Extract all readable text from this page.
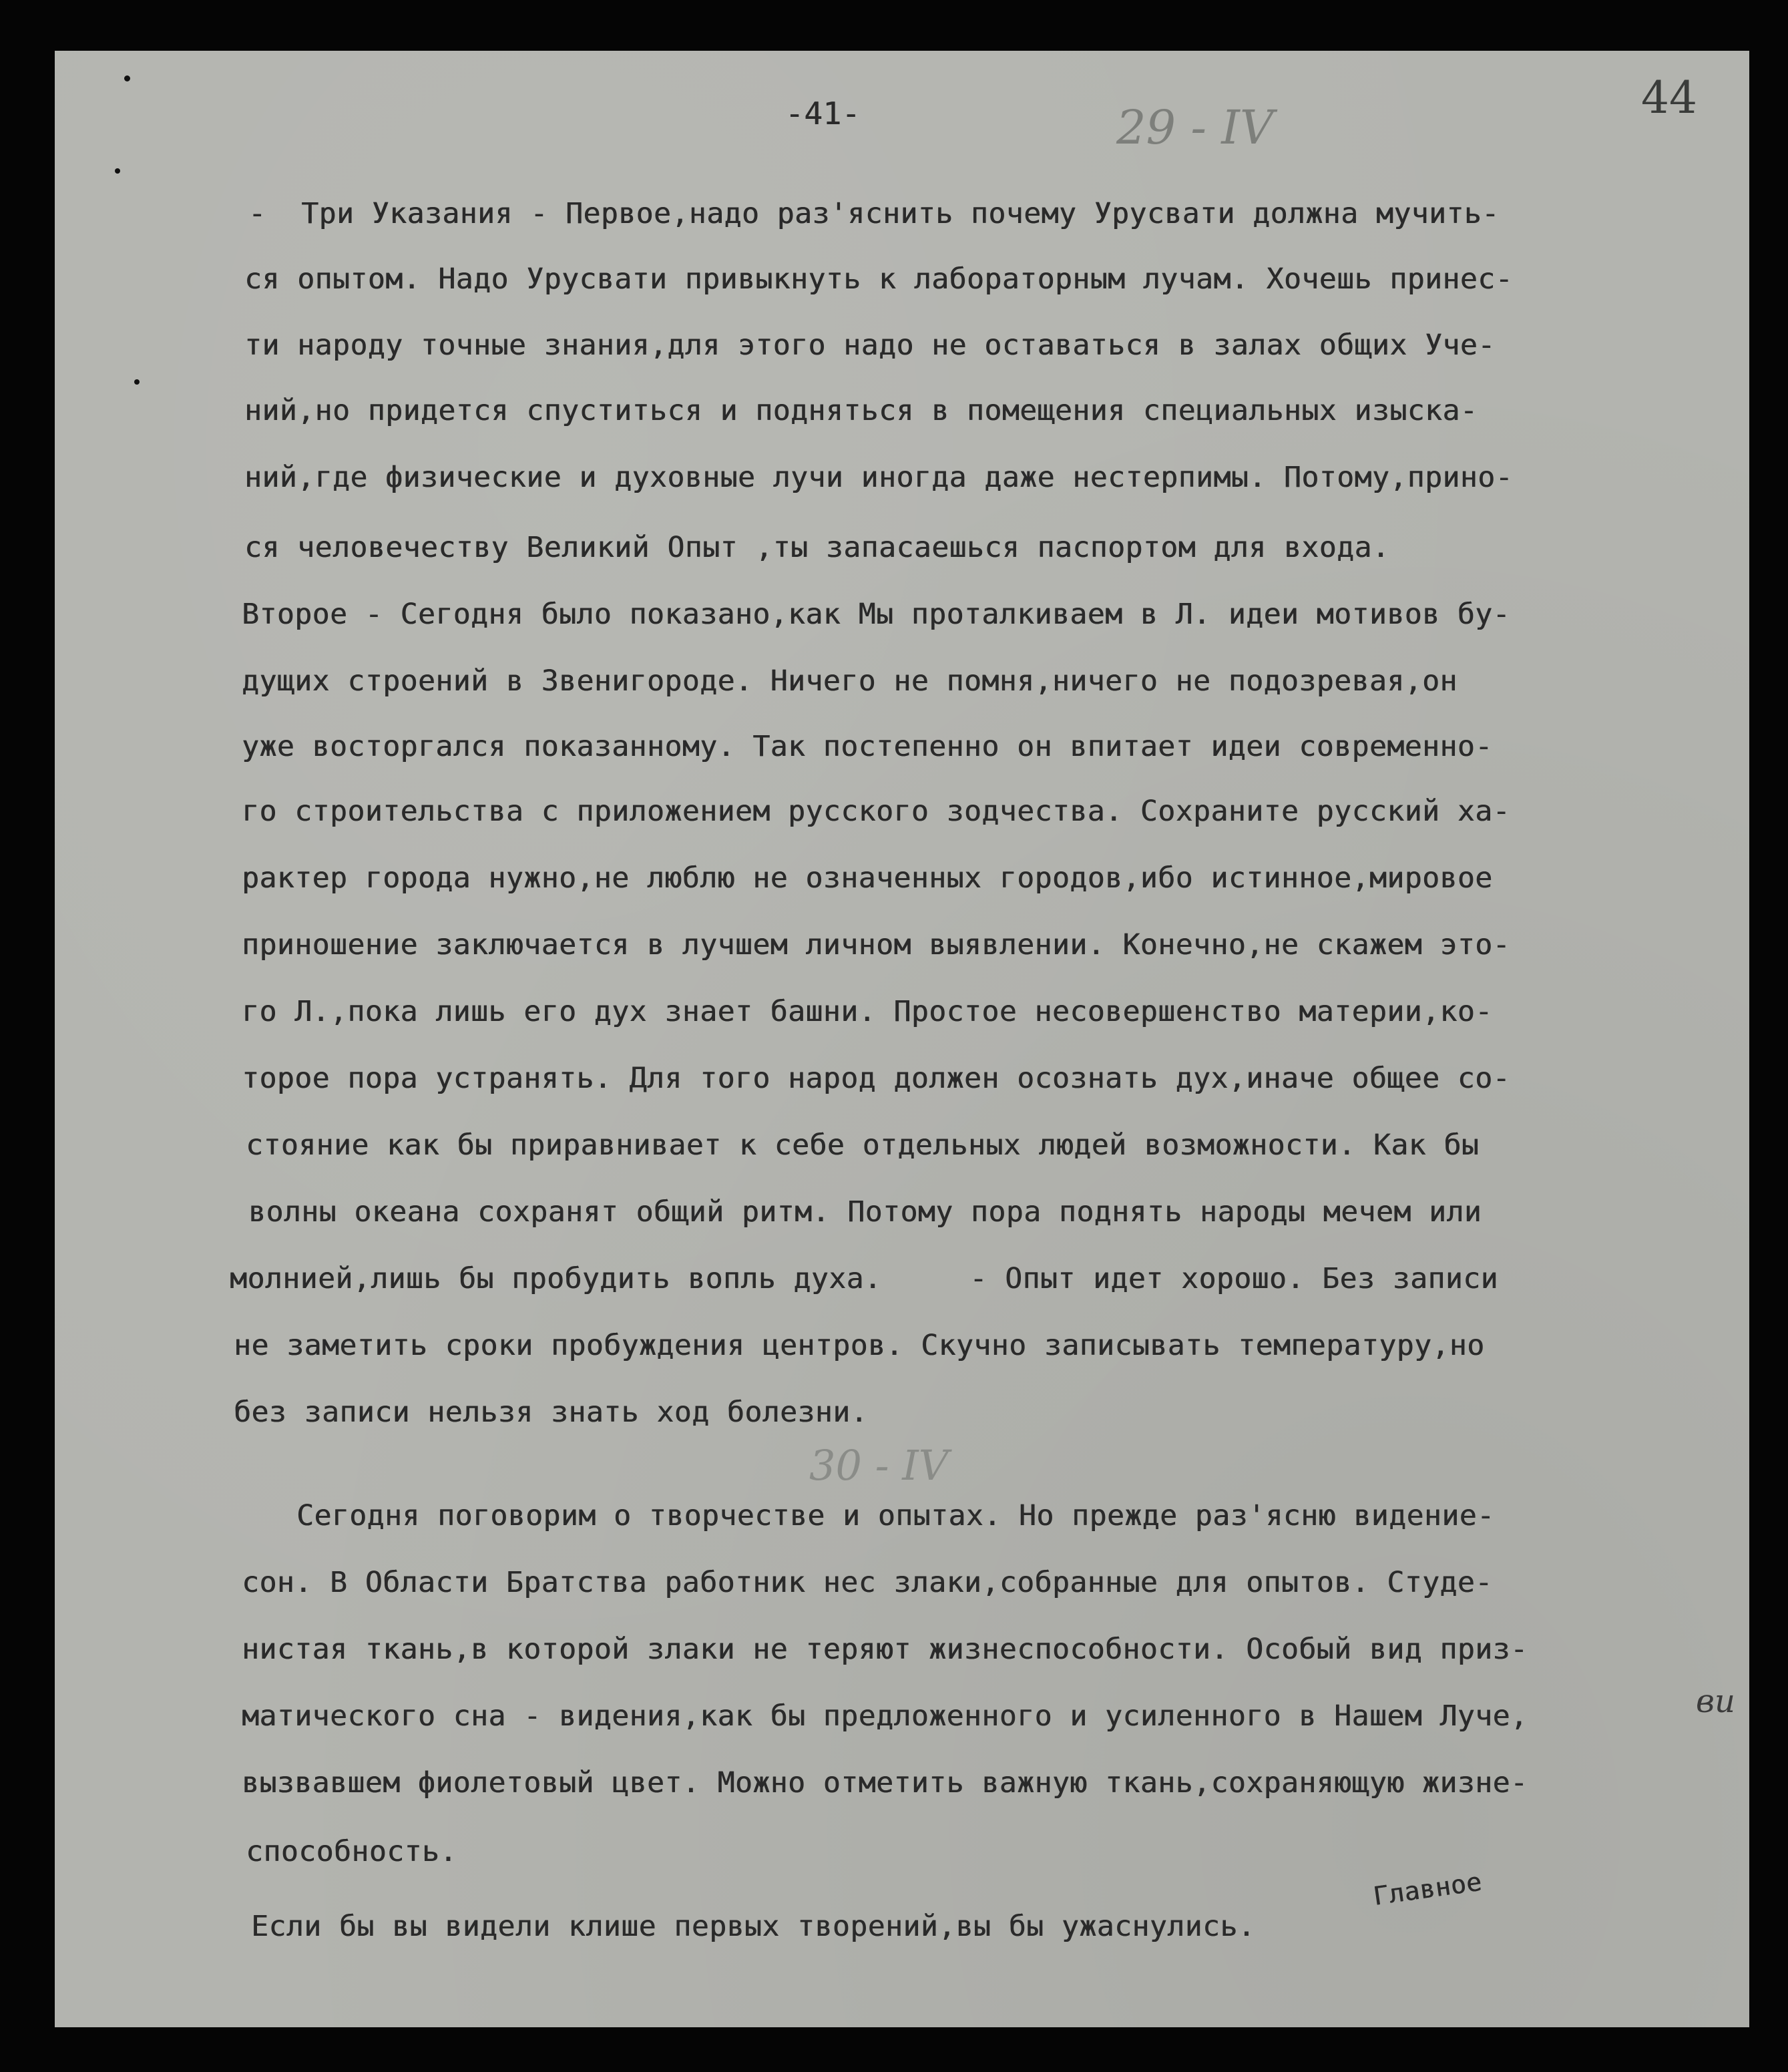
-41-	29 - IV
44
-  Три Указания - Первое,надо раз'яснить почему Урусвати должна мучить-
ся опытом. Надо Урусвати привыкнуть к лабораторным лучам. Хочешь принес-
ти народу точные знания,для этого надо не оставаться в залах общих Уче-
ний,но придется спуститься и подняться в помещения специальных изыска-
ний,где физические и духовные лучи иногда даже нестерпимы. Потому,прино-
ся человечеству Великий Опыт ,ты запасаешься паспортом для входа.
Второе - Сегодня было показано,как Мы проталкиваем в Л. идеи мотивов бу-
дущих строений в Звенигороде. Ничего не помня,ничего не подозревая,он
уже восторгался показанному. Так постепенно он впитает идеи современно-
го строительства с приложением русского зодчества. Сохраните русский ха-
рактер города нужно,не люблю не означенных городов,ибо истинное,мировое
приношение заключается в лучшем личном выявлении. Конечно,не скажем это-
го Л.,пока лишь его дух знает башни. Простое несовершенство материи,ко-
торое пора устранять. Для того народ должен осознать дух,иначе общее со-
стояние как бы приравнивает к себе отдельных людей возможности. Как бы
волны океана сохранят общий ритм. Потому пора поднять народы мечем или
молнией,лишь бы пробудить вопль духа.     - Опыт идет хорошо. Без записи
не заметить сроки пробуждения центров. Скучно записывать температуру,но
без записи нельзя знать ход болезни.
30 - IV
Сегодня поговорим о творчестве и опытах. Но прежде раз'ясню видение-
сон. В Области Братства работник нес злаки,собранные для опытов. Студе-
нистая ткань,в которой злаки не теряют жизнеспособности. Особый вид приз-
матического сна - видения,как бы предложенного и усиленного в Нашем Луче,
вызвавшем фиолетовый цвет. Можно отметить важную ткань,сохраняющую жизне-
способность.
ви
Если бы вы видели клише первых творений,вы бы ужаснулись.
Главное
